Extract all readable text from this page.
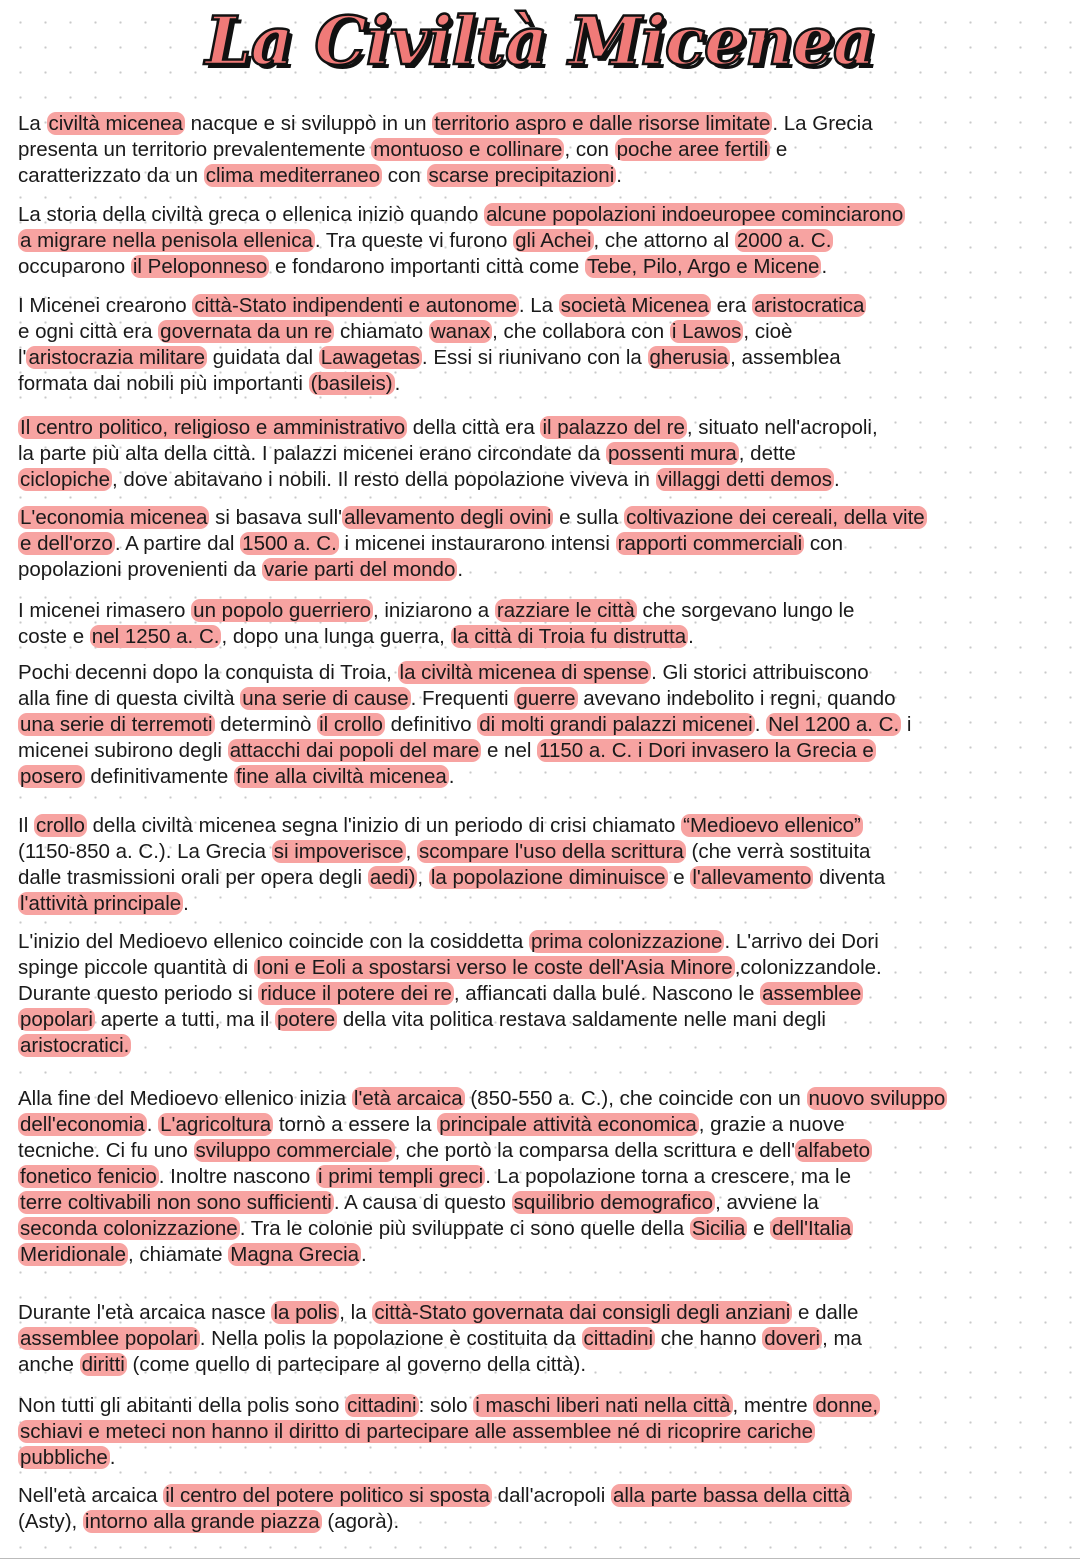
La Civiltà Micenea
La civiltà micenea nacque e si sviluppò in un territorio aspro e dalle risorse limitate. La Grecia
presenta un territorio prevalentemente montuoso e collinare, con poche aree fertili e
caratterizzato da un clima mediterraneo con scarse precipitazioni.
La storia della civiltà greca o ellenica iniziò quando alcune popolazioni indoeuropee cominciarono
a migrare nella penisola ellenica. Tra queste vi furono gli Achei, che attorno al 2000 a. C.
occuparono il Peloponneso e fondarono importanti città come Tebe, Pilo, Argo e Micene.
I Micenei crearono città-Stato indipendenti e autonome. La società Micenea era aristocratica
e ogni città era governata da un re chiamato wanax, che collabora con i Lawos, cioè
l'aristocrazia militare guidata dal Lawagetas. Essi si riunivano con la gherusia, assemblea
formata dai nobili più importanti (basileis).
Il centro politico, religioso e amministrativo della città era il palazzo del re, situato nell'acropoli,
la parte più alta della città. I palazzi micenei erano circondate da possenti mura, dette
ciclopiche, dove abitavano i nobili. Il resto della popolazione viveva in villaggi detti demos.
L'economia micenea si basava sull'allevamento degli ovini e sulla coltivazione dei cereali, della vite
e dell'orzo. A partire dal 1500 a. C. i micenei instaurarono intensi rapporti commerciali con
popolazioni provenienti da varie parti del mondo.
I micenei rimasero un popolo guerriero, iniziarono a razziare le città che sorgevano lungo le
coste e nel 1250 a. C., dopo una lunga guerra, la città di Troia fu distrutta.
Pochi decenni dopo la conquista di Troia, la civiltà micenea di spense. Gli storici attribuiscono
alla fine di questa civiltà una serie di cause. Frequenti guerre avevano indebolito i regni, quando
una serie di terremoti determinò il crollo definitivo di molti grandi palazzi micenei. Nel 1200 a. C. i
micenei subirono degli attacchi dai popoli del mare e nel 1150 a. C. i Dori invasero la Grecia e
posero definitivamente fine alla civiltà micenea.
Il crollo della civiltà micenea segna l'inizio di un periodo di crisi chiamato “Medioevo ellenico”
(1150-850 a. C.). La Grecia si impoverisce, scompare l'uso della scrittura (che verrà sostituita
dalle trasmissioni orali per opera degli aedi), la popolazione diminuisce e l'allevamento diventa
l'attività principale.
L'inizio del Medioevo ellenico coincide con la cosiddetta prima colonizzazione. L'arrivo dei Dori
spinge piccole quantità di Ioni e Eoli a spostarsi verso le coste dell'Asia Minore,colonizzandole.
Durante questo periodo si riduce il potere dei re, affiancati dalla bulé. Nascono le assemblee
popolari aperte a tutti, ma il potere della vita politica restava saldamente nelle mani degli
aristocratici.
Alla fine del Medioevo ellenico inizia l'età arcaica (850-550 a. C.), che coincide con un nuovo sviluppo
dell'economia. L'agricoltura tornò a essere la principale attività economica, grazie a nuove
tecniche. Ci fu uno sviluppo commerciale, che portò la comparsa della scrittura e dell'alfabeto
fonetico fenicio. Inoltre nascono i primi templi greci. La popolazione torna a crescere, ma le
terre coltivabili non sono sufficienti. A causa di questo squilibrio demografico, avviene la
seconda colonizzazione. Tra le colonie più sviluppate ci sono quelle della Sicilia e dell'Italia
Meridionale, chiamate Magna Grecia.
Durante l'età arcaica nasce la polis, la città-Stato governata dai consigli degli anziani e dalle
assemblee popolari. Nella polis la popolazione è costituita da cittadini che hanno doveri, ma
anche diritti (come quello di partecipare al governo della città).
Non tutti gli abitanti della polis sono cittadini: solo i maschi liberi nati nella città, mentre donne,
schiavi e meteci non hanno il diritto di partecipare alle assemblee né di ricoprire cariche
pubbliche.
Nell'età arcaica il centro del potere politico si sposta dall'acropoli alla parte bassa della città
(Asty), intorno alla grande piazza (agorà).
